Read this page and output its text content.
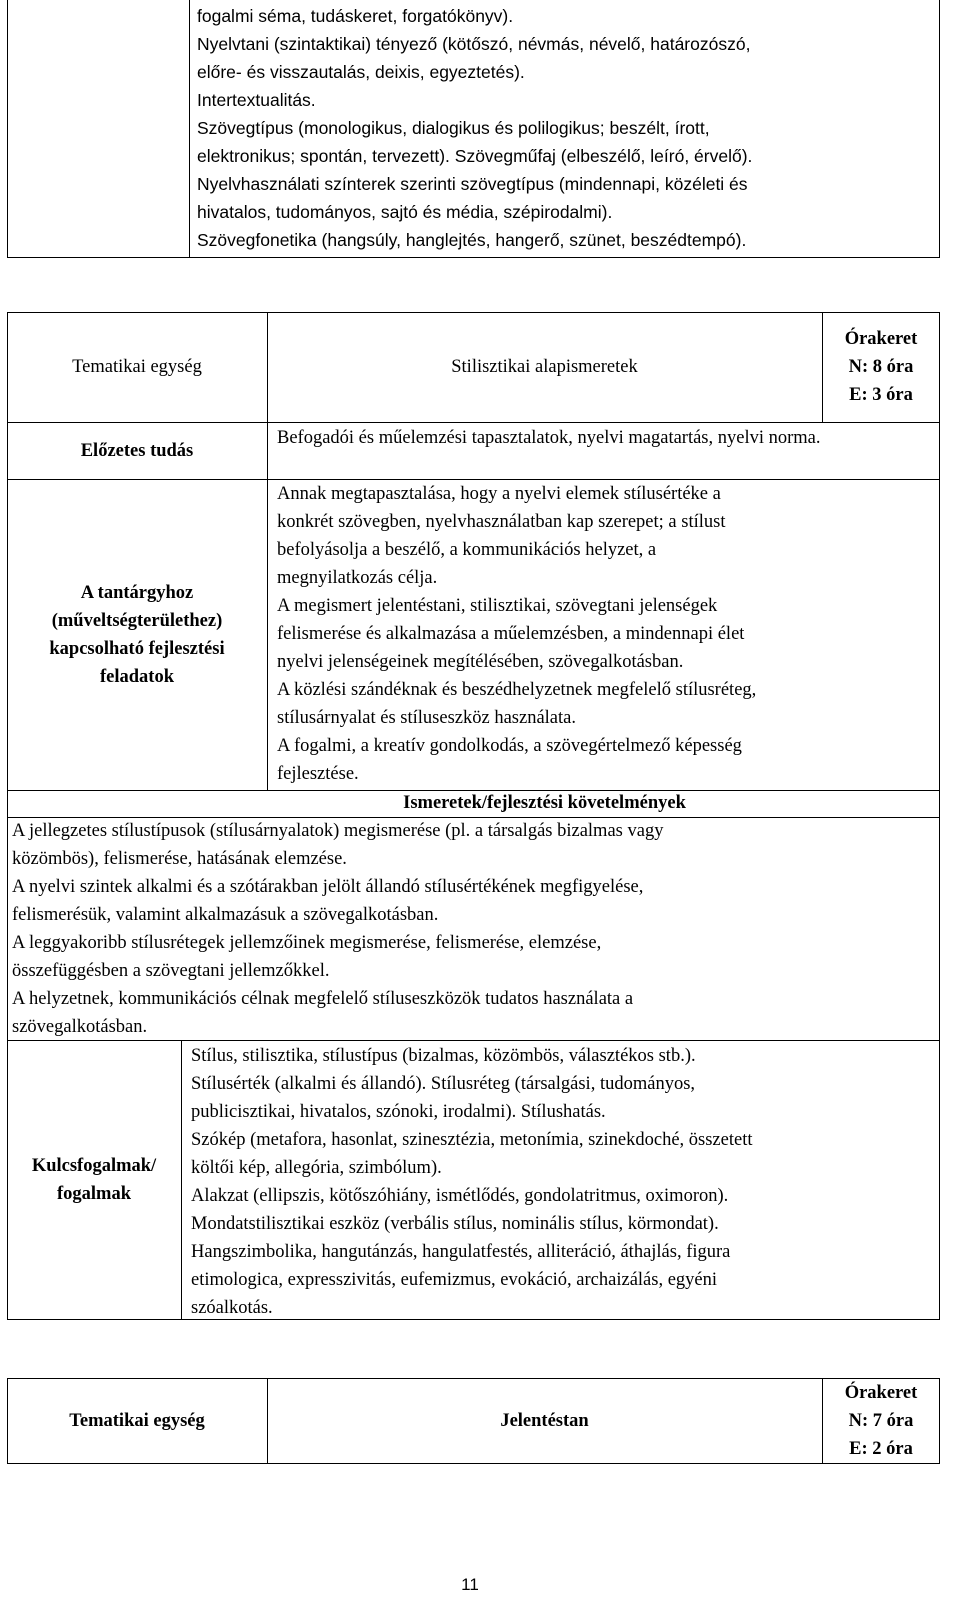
fogalmi séma, tudáskeret, forgatókönyv).

Nyelvtani (szintaktikai) tényező (kötőszó, névmás, névelő, határozószó,

előre- és visszautalás, deixis, egyeztetés).

Intertextualitás.

Szövegtípus (monologikus, dialogikus és polilogikus; beszélt, írott,

elektronikus; spontán, tervezett). Szövegműfaj (elbeszélő, leíró, érvelő).

Nyelvhasználati színterek szerinti szövegtípus (mindennapi, közéleti és

hivatalos, tudományos, sajtó és média, szépirodalmi).

Szövegfonetika (hangsúly, hanglejtés, hangerő, szünet, beszédtempó).

Tematikai egység	Stilisztikai alapismeretek
Órakeret
N: 8 óra
E: 3 óra
Előzetes tudás

Befogadói és műelemzési tapasztalatok, nyelvi magatartás, nyelvi norma.

A tantárgyhoz
(műveltségterülethez)
kapcsolható fejlesztési
feladatok

Annak megtapasztalása, hogy a nyelvi elemek stílusértéke a

konkrét szövegben, nyelvhasználatban kap szerepet; a stílust

befolyásolja a beszélő, a kommunikációs helyzet, a

megnyilatkozás célja.

A megismert jelentéstani, stilisztikai, szövegtani jelenségek

felismerése és alkalmazása a műelemzésben, a mindennapi élet

nyelvi jelenségeinek megítélésében, szövegalkotásban.

A közlési szándéknak és beszédhelyzetnek megfelelő stílusréteg,

stílusárnyalat és stíluseszköz használata.

A fogalmi, a kreatív gondolkodás, a szövegértelmező képesség

fejlesztése.

Ismeretek/fejlesztési követelmények

A jellegzetes stílustípusok (stílusárnyalatok) megismerése (pl. a társalgás bizalmas vagy

közömbös), felismerése, hatásának elemzése.

A nyelvi szintek alkalmi és a szótárakban jelölt állandó stílusértékének megfigyelése,

felismerésük, valamint alkalmazásuk a szövegalkotásban.

A leggyakoribb stílusrétegek jellemzőinek megismerése, felismerése, elemzése,

összefüggésben a szövegtani jellemzőkkel.

A helyzetnek, kommunikációs célnak megfelelő stíluseszközök tudatos használata a

szövegalkotásban.

Kulcsfogalmak/
fogalmak

Stílus, stilisztika, stílustípus (bizalmas, közömbös, választékos stb.).

Stílusérték (alkalmi és állandó). Stílusréteg (társalgási, tudományos,

publicisztikai, hivatalos, szónoki, irodalmi). Stílushatás.

Szókép (metafora, hasonlat, szinesztézia, metonímia, szinekdoché, összetett

költői kép, allegória, szimbólum).

Alakzat (ellipszis, kötőszóhiány, ismétlődés, gondolatritmus, oximoron).

Mondatstilisztikai eszköz (verbális stílus, nominális stílus, körmondat).

Hangszimbolika, hangutánzás, hangulatfestés, alliteráció, áthajlás, figura

etimologica, expresszivitás, eufemizmus, evokáció, archaizálás, egyéni

szóalkotás.

Tematikai egység	Jelentéstan
Órakeret
N: 7 óra
E: 2 óra
11
